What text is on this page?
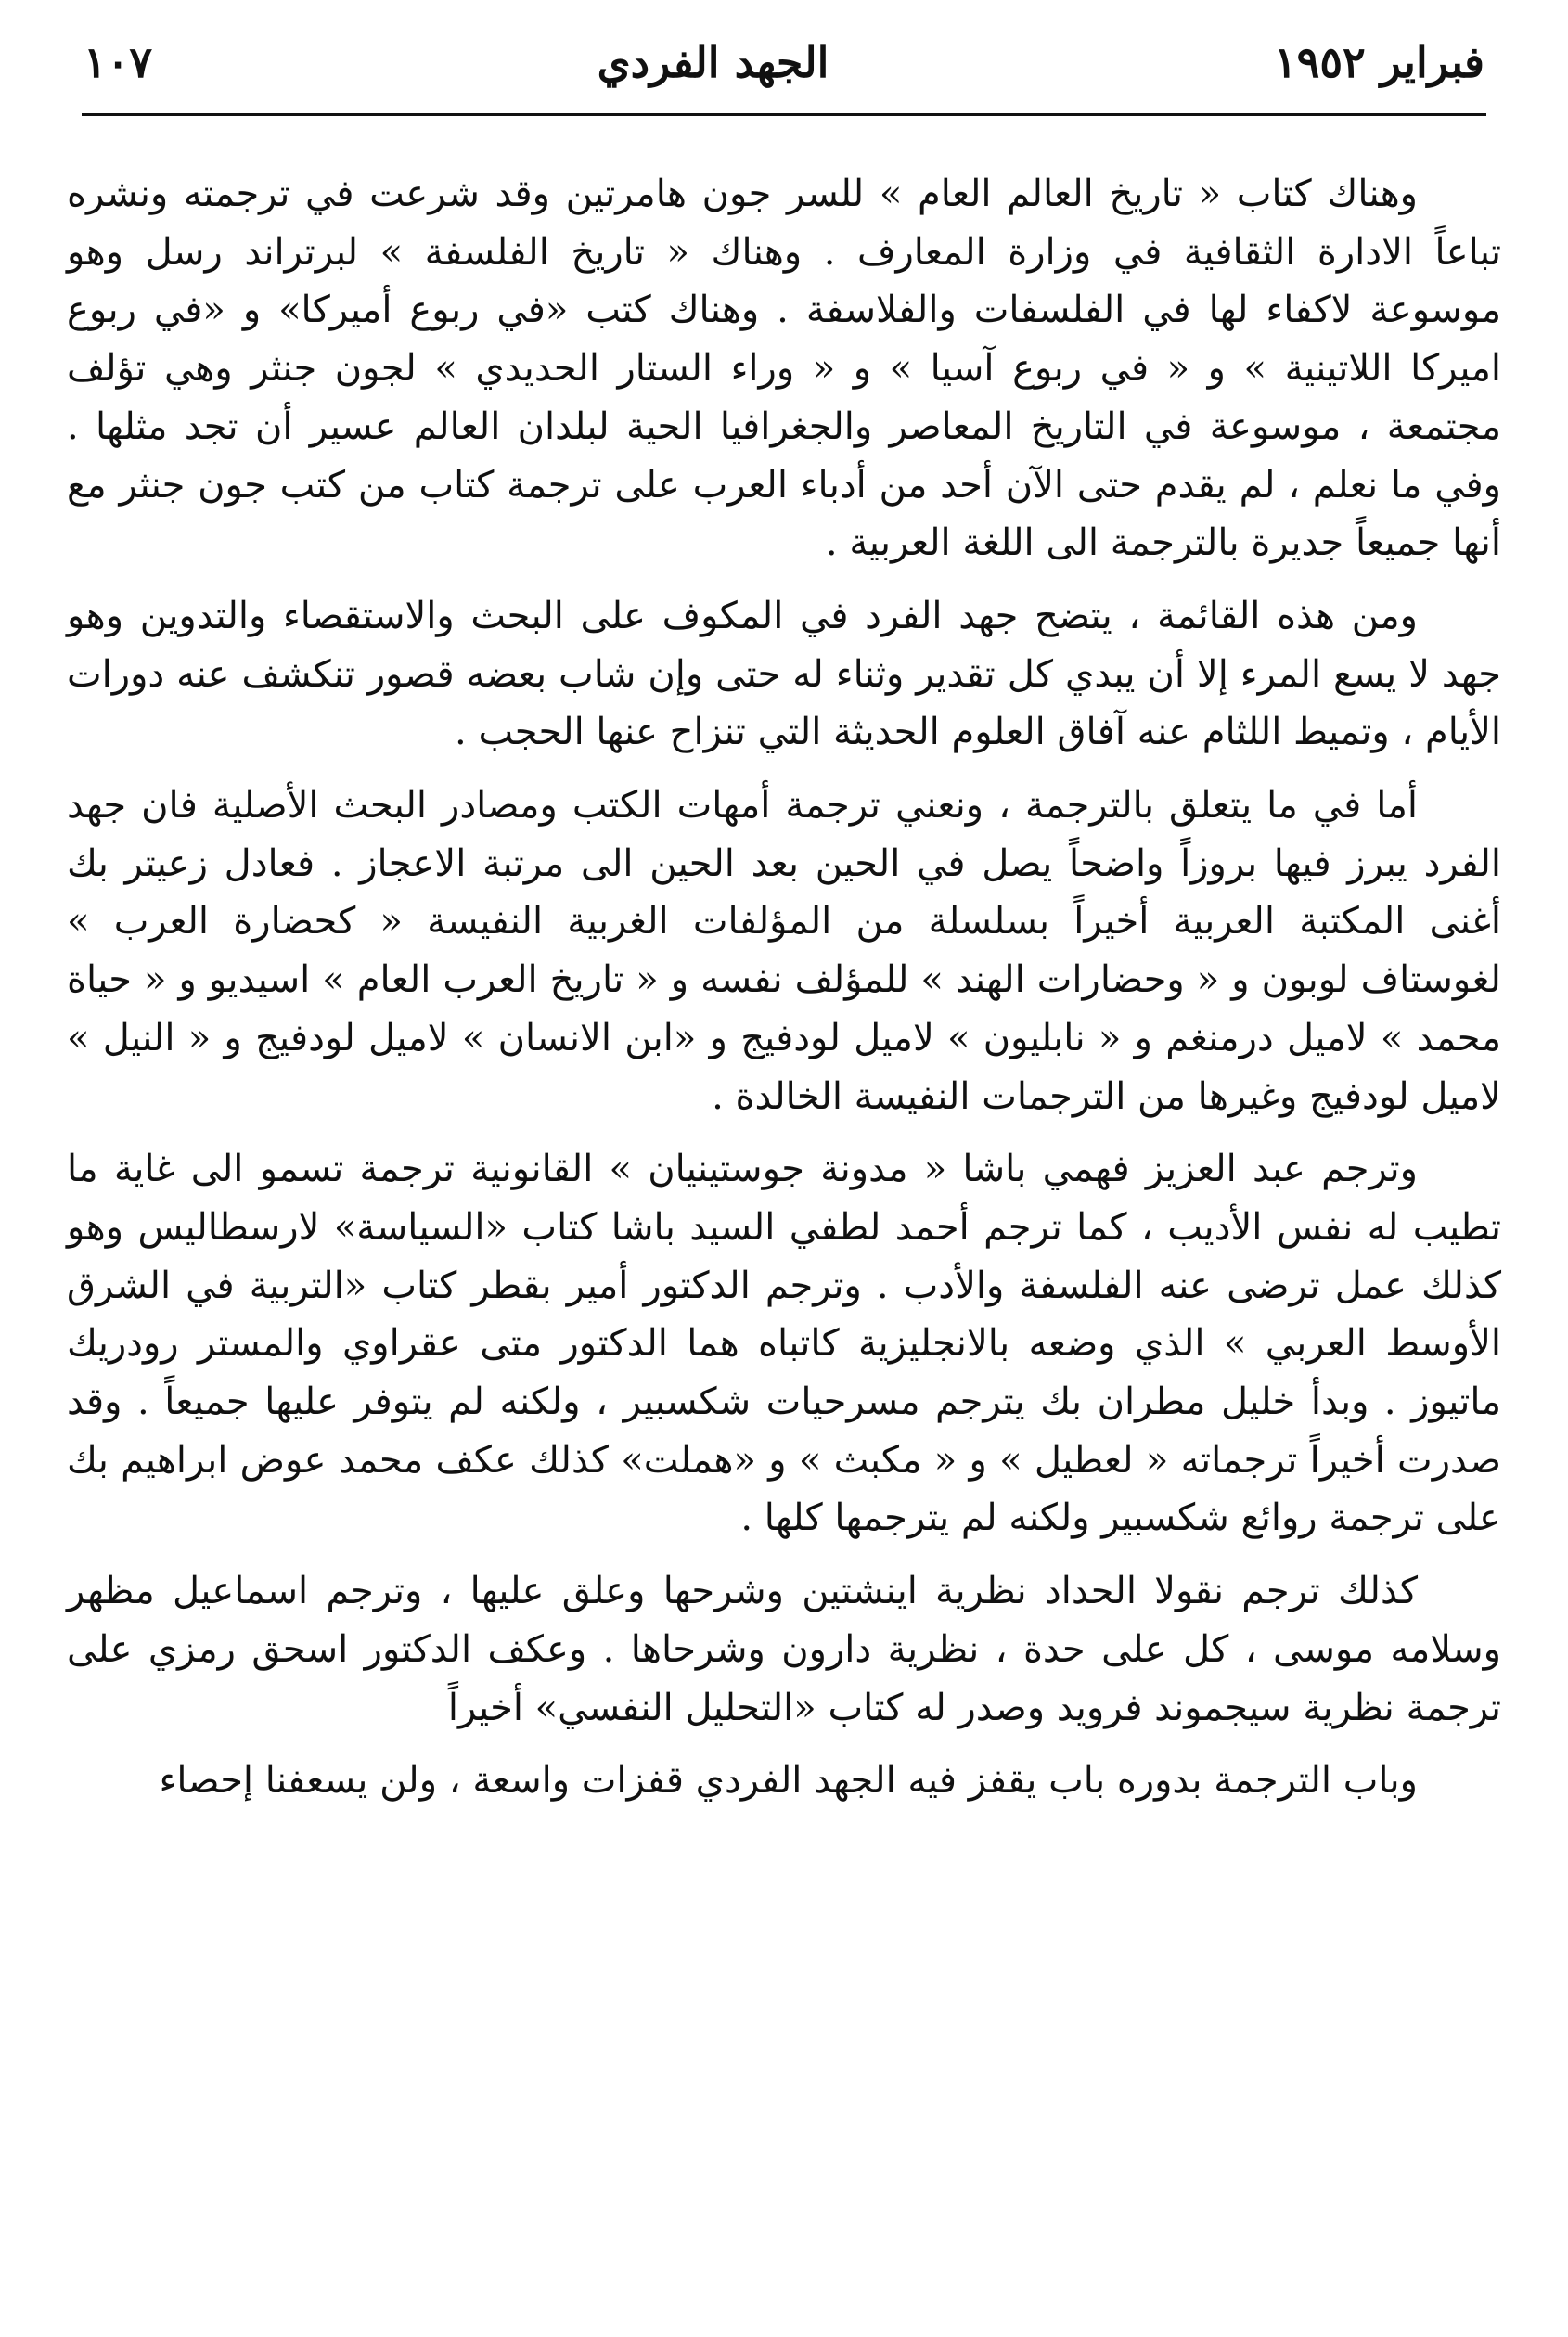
فبراير ١٩٥٢
الجهد الفردي
١٠٧

وهناك كتاب « تاريخ العالم العام » للسر جون هامرتين وقد شرعت في ترجمته ونشره تباعاً الادارة الثقافية في وزارة المعارف . وهناك « تاريخ الفلسفة » لبرتراند رسل وهو موسوعة لاكفاء لها في الفلسفات والفلاسفة . وهناك كتب «في ربوع أميركا» و «في ربوع اميركا اللاتينية » و « في ربوع آسيا » و « وراء الستار الحديدي » لجون جنثر وهي تؤلف مجتمعة ، موسوعة في التاريخ المعاصر والجغرافيا الحية لبلدان العالم عسير أن تجد مثلها . وفي ما نعلم ، لم يقدم حتى الآن أحد من أدباء العرب على ترجمة كتاب من كتب جون جنثر مع أنها جميعاً جديرة بالترجمة الى اللغة العربية .

ومن هذه القائمة ، يتضح جهد الفرد في المكوف على البحث والاستقصاء والتدوين وهو جهد لا يسع المرء إلا أن يبدي كل تقدير وثناء له حتى وإن شاب بعضه قصور تنكشف عنه دورات الأيام ، وتميط اللثام عنه آفاق العلوم الحديثة التي تنزاح عنها الحجب .

أما في ما يتعلق بالترجمة ، ونعني ترجمة أمهات الكتب ومصادر البحث الأصلية فان جهد الفرد يبرز فيها بروزاً واضحاً يصل في الحين بعد الحين الى مرتبة الاعجاز . فعادل زعيتر بك أغنى المكتبة العربية أخيراً بسلسلة من المؤلفات الغربية النفيسة « كحضارة العرب » لغوستاف لوبون و « وحضارات الهند » للمؤلف نفسه و « تاريخ العرب العام » اسيديو و « حياة محمد » لاميل درمنغم و « نابليون » لاميل لودفيج و «ابن الانسان » لاميل لودفيج و « النيل » لاميل لودفيج وغيرها من الترجمات النفيسة الخالدة .

وترجم عبد العزيز فهمي باشا « مدونة جوستينيان » القانونية ترجمة تسمو الى غاية ما تطيب له نفس الأديب ، كما ترجم أحمد لطفي السيد باشا كتاب «السياسة» لارسطاليس وهو كذلك عمل ترضى عنه الفلسفة والأدب . وترجم الدكتور أمير بقطر كتاب «التربية في الشرق الأوسط العربي » الذي وضعه بالانجليزية كاتباه هما الدكتور متى عقراوي والمستر رودريك ماتيوز . وبدأ خليل مطران بك يترجم مسرحيات شكسبير ، ولكنه لم يتوفر عليها جميعاً . وقد صدرت أخيراً ترجماته « لعطيل » و « مكبث » و «هملت» كذلك عكف محمد عوض ابراهيم بك على ترجمة روائع شكسبير ولكنه لم يترجمها كلها .

كذلك ترجم نقولا الحداد نظرية اينشتين وشرحها وعلق عليها ، وترجم اسماعيل مظهر وسلامه موسى ، كل على حدة ، نظرية دارون وشرحاها . وعكف الدكتور اسحق رمزي على ترجمة نظرية سيجموند فرويد وصدر له كتاب «التحليل النفسي» أخيراً

وباب الترجمة بدوره باب يقفز فيه الجهد الفردي قفزات واسعة ، ولن يسعفنا إحصاء
